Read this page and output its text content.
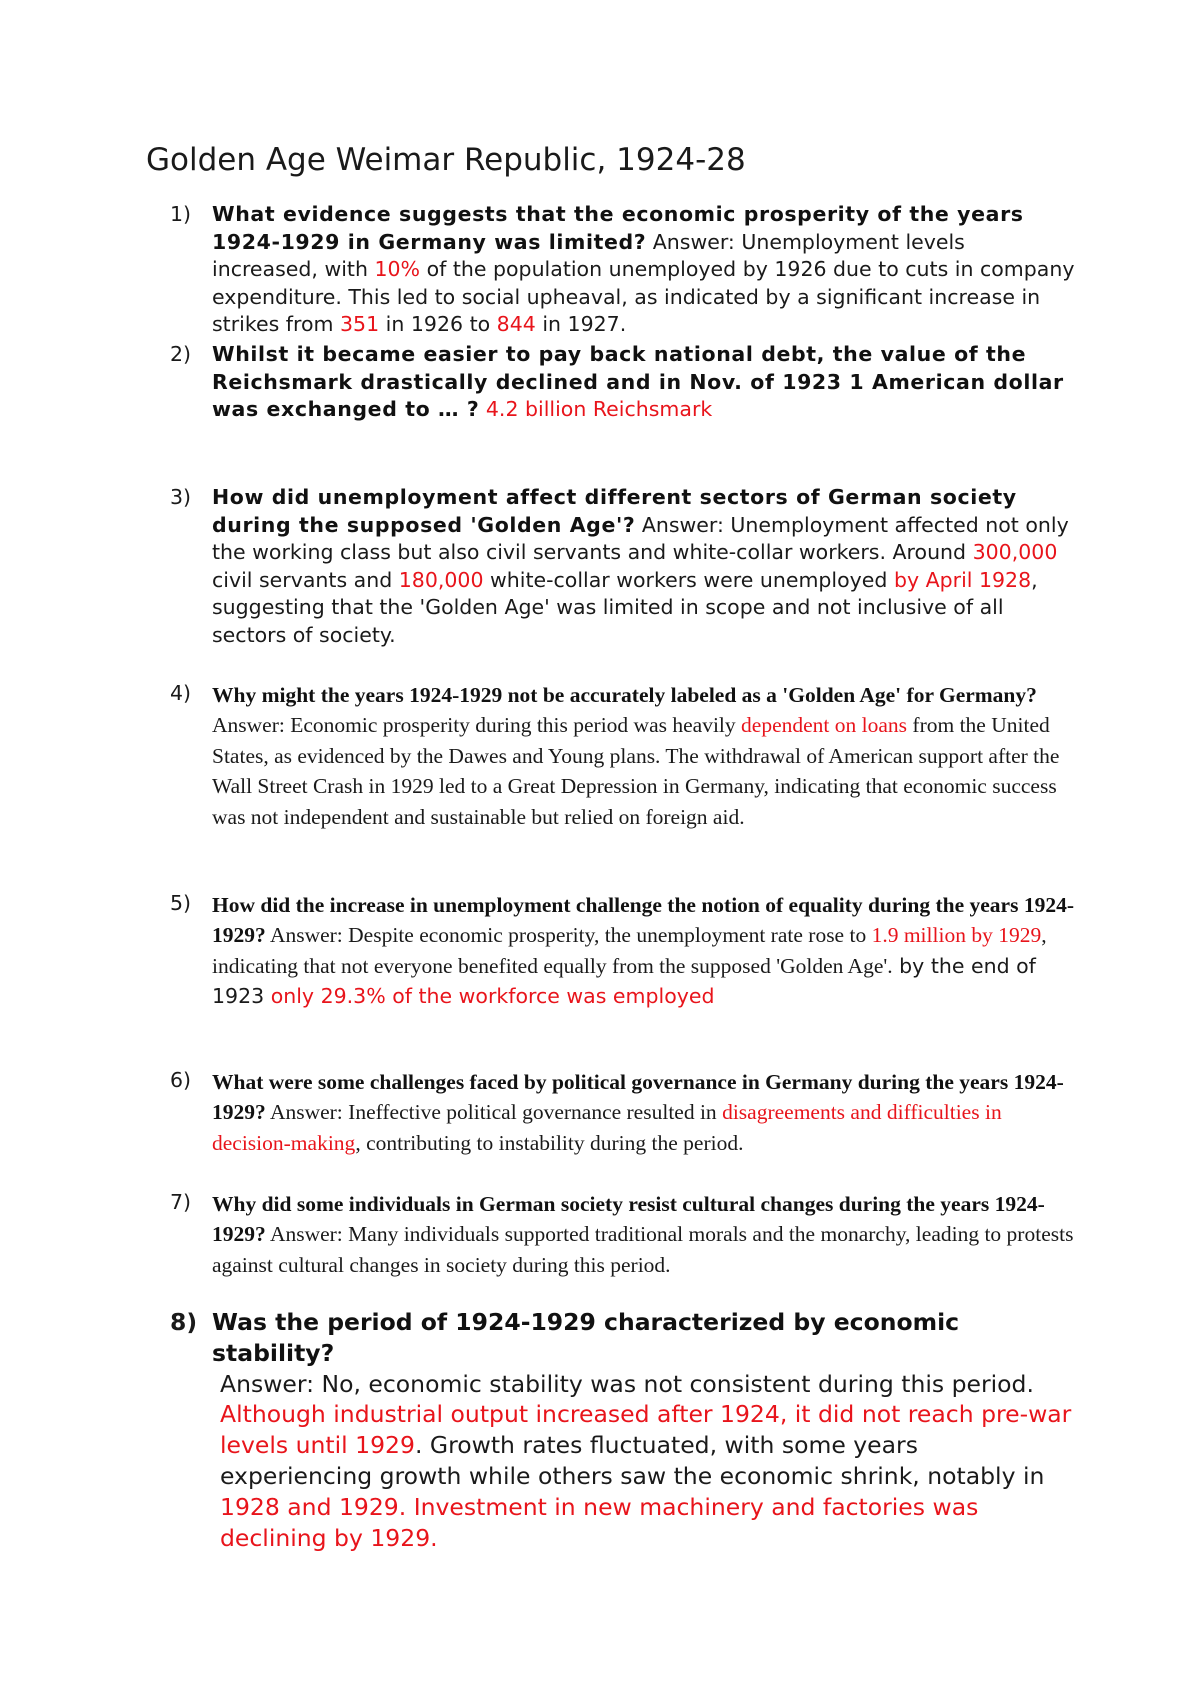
Golden Age Weimar Republic, 1924-28
1) What evidence suggests that the economic prosperity of the years 1924-1929 in Germany was limited? Answer: Unemployment levels increased, with 10% of the population unemployed by 1926 due to cuts in company expenditure. This led to social upheaval, as indicated by a significant increase in strikes from 351 in 1926 to 844 in 1927.
2) Whilst it became easier to pay back national debt, the value of the Reichsmark drastically declined and in Nov. of 1923 1 American dollar was exchanged to … ? 4.2 billion Reichsmark
3) How did unemployment affect different sectors of German society during the supposed 'Golden Age'? Answer: Unemployment affected not only the working class but also civil servants and white-collar workers. Around 300,000 civil servants and 180,000 white-collar workers were unemployed by April 1928, suggesting that the 'Golden Age' was limited in scope and not inclusive of all sectors of society.
4) Why might the years 1924-1929 not be accurately labeled as a 'Golden Age' for Germany? Answer: Economic prosperity during this period was heavily dependent on loans from the United States, as evidenced by the Dawes and Young plans. The withdrawal of American support after the Wall Street Crash in 1929 led to a Great Depression in Germany, indicating that economic success was not independent and sustainable but relied on foreign aid.
5) How did the increase in unemployment challenge the notion of equality during the years 1924-1929? Answer: Despite economic prosperity, the unemployment rate rose to 1.9 million by 1929, indicating that not everyone benefited equally from the supposed 'Golden Age'. by the end of 1923 only 29.3% of the workforce was employed
6) What were some challenges faced by political governance in Germany during the years 1924-1929? Answer: Ineffective political governance resulted in disagreements and difficulties in decision-making, contributing to instability during the period.
7) Why did some individuals in German society resist cultural changes during the years 1924-1929? Answer: Many individuals supported traditional morals and the monarchy, leading to protests against cultural changes in society during this period.
8) Was the period of 1924-1929 characterized by economic stability?
Answer: No, economic stability was not consistent during this period. Although industrial output increased after 1924, it did not reach pre-war levels until 1929. Growth rates fluctuated, with some years experiencing growth while others saw the economic shrink, notably in 1928 and 1929. Investment in new machinery and factories was declining by 1929.
